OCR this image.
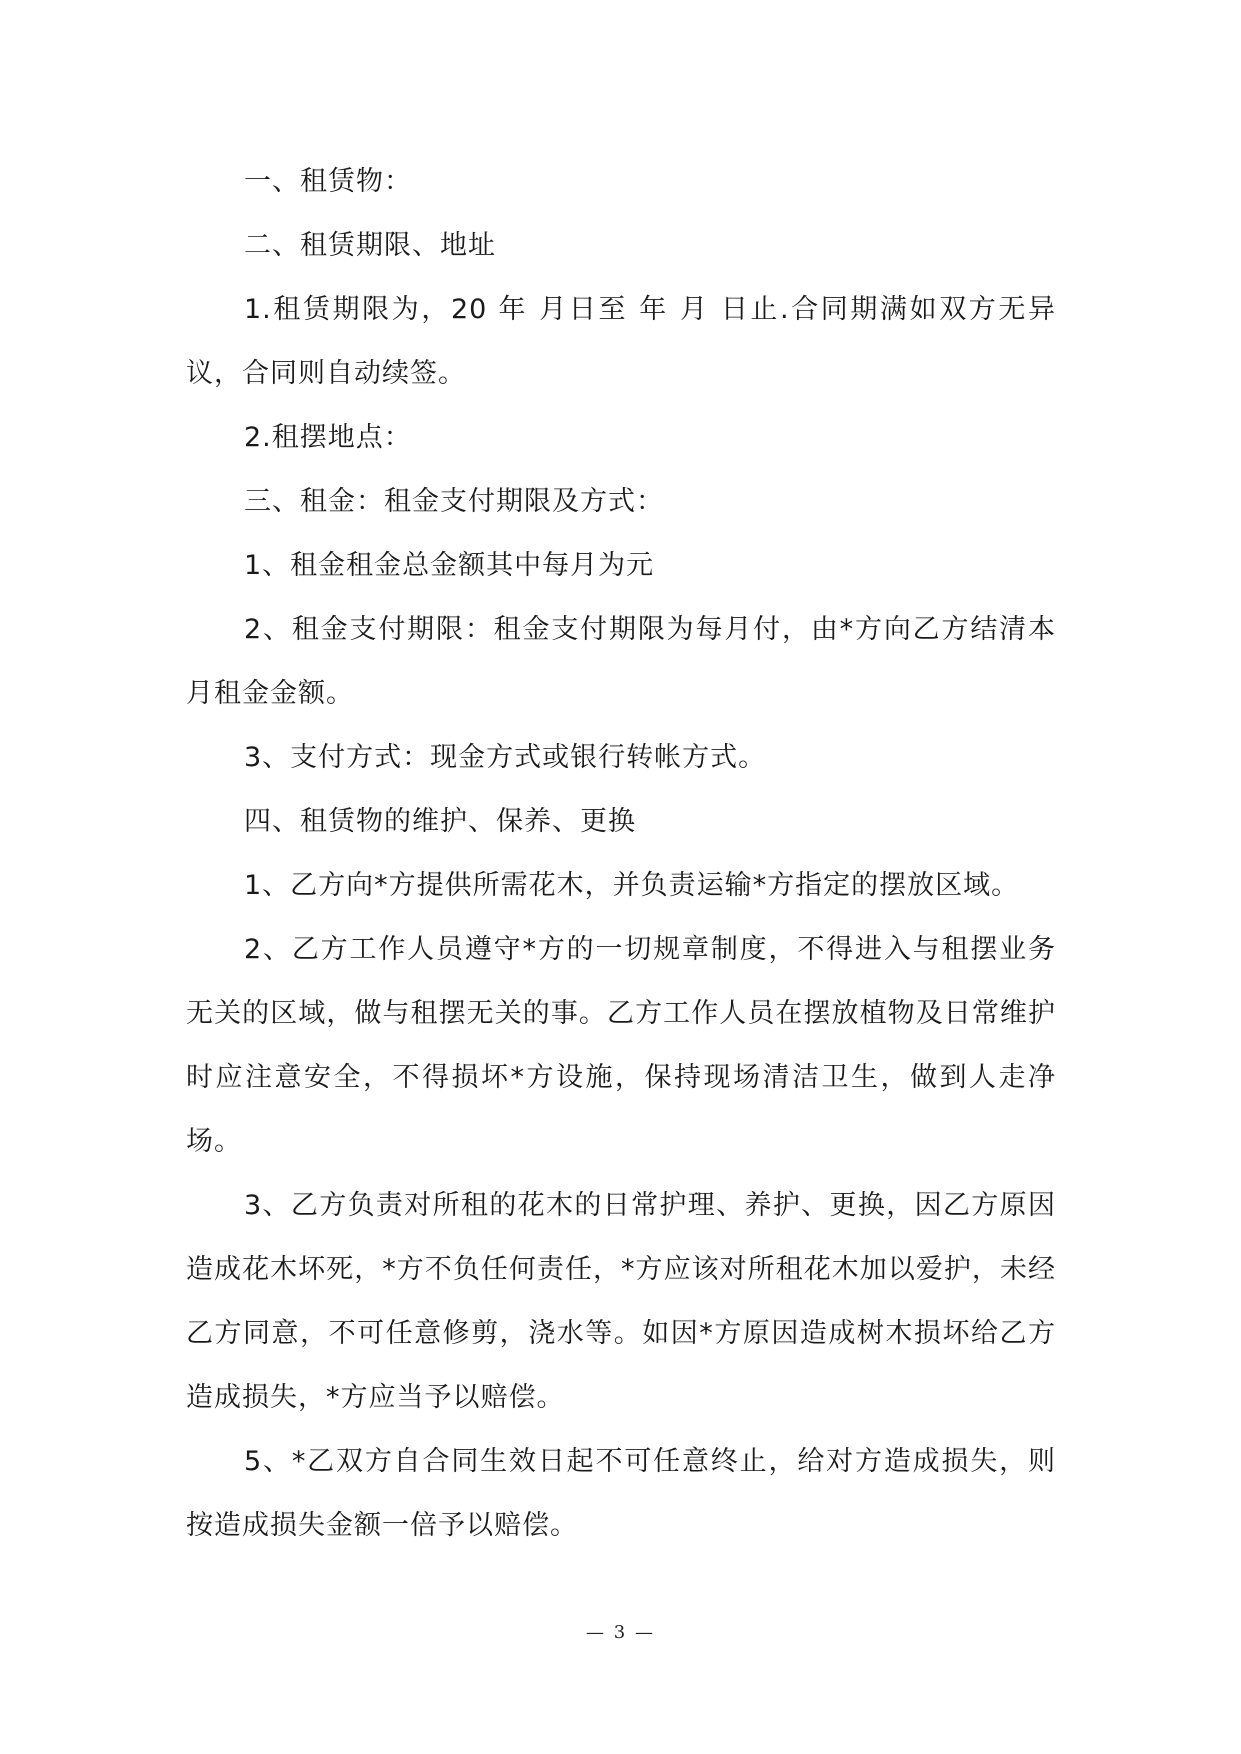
一、租赁物：

二、租赁期限、地址

1.租赁期限为，20 年 月日至 年 月 日止.合同期满如双方无异议，合同则自动续签。

2.租摆地点：

三、租金：租金支付期限及方式：

1、租金租金总金额其中每月为元

2、租金支付期限：租金支付期限为每月付，由*方向乙方结清本月租金金额。

3、支付方式：现金方式或银行转帐方式。

四、租赁物的维护、保养、更换

1、乙方向*方提供所需花木，并负责运输*方指定的摆放区域。

2、乙方工作人员遵守*方的一切规章制度，不得进入与租摆业务无关的区域，做与租摆无关的事。乙方工作人员在摆放植物及日常维护时应注意安全，不得损坏*方设施，保持现场清洁卫生，做到人走净场。

3、乙方负责对所租的花木的日常护理、养护、更换，因乙方原因造成花木坏死，*方不负任何责任，*方应该对所租花木加以爱护，未经乙方同意，不可任意修剪，浇水等。如因*方原因造成树木损坏给乙方造成损失，*方应当予以赔偿。

5、*乙双方自合同生效日起不可任意终止，给对方造成损失，则按造成损失金额一倍予以赔偿。

— 3 —
